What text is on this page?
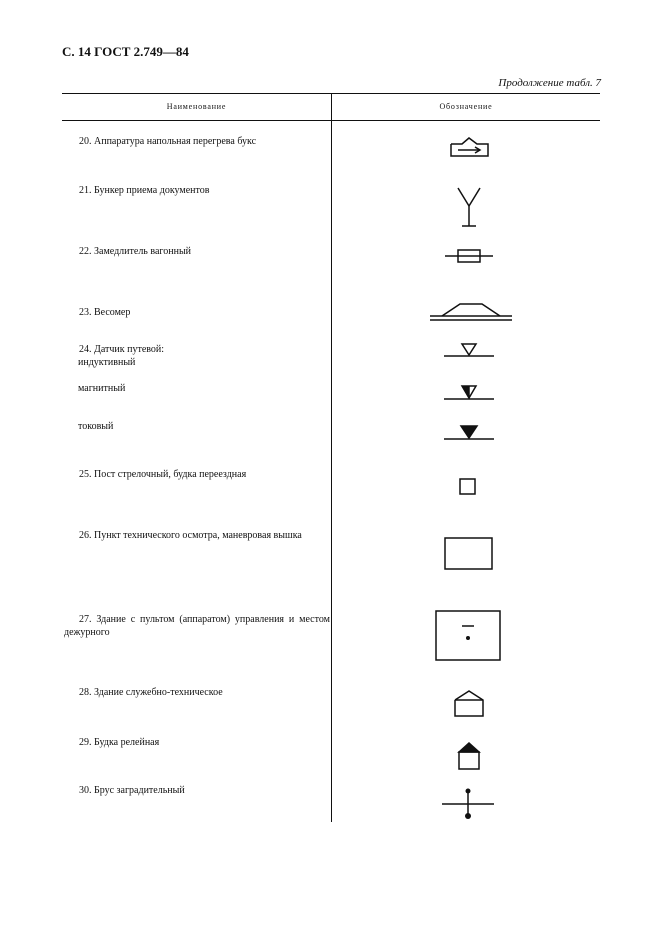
С. 14 ГОСТ 2.749—84
Продолжение табл. 7
Наименование	Обозначение
20. Аппаратура напольная перегрева букс
21. Бункер приема документов
22. Замедлитель вагонный
23. Весомер
24. Датчик путевой:
индуктивный
магнитный
токовый
25. Пост стрелочный, будка переездная
26. Пункт технического осмотра, маневровая вышка
27. Здание с пультом (аппаратом) управления и местом дежурного
28. Здание служебно-техническое
29. Будка релейная
30. Брус заградительный
